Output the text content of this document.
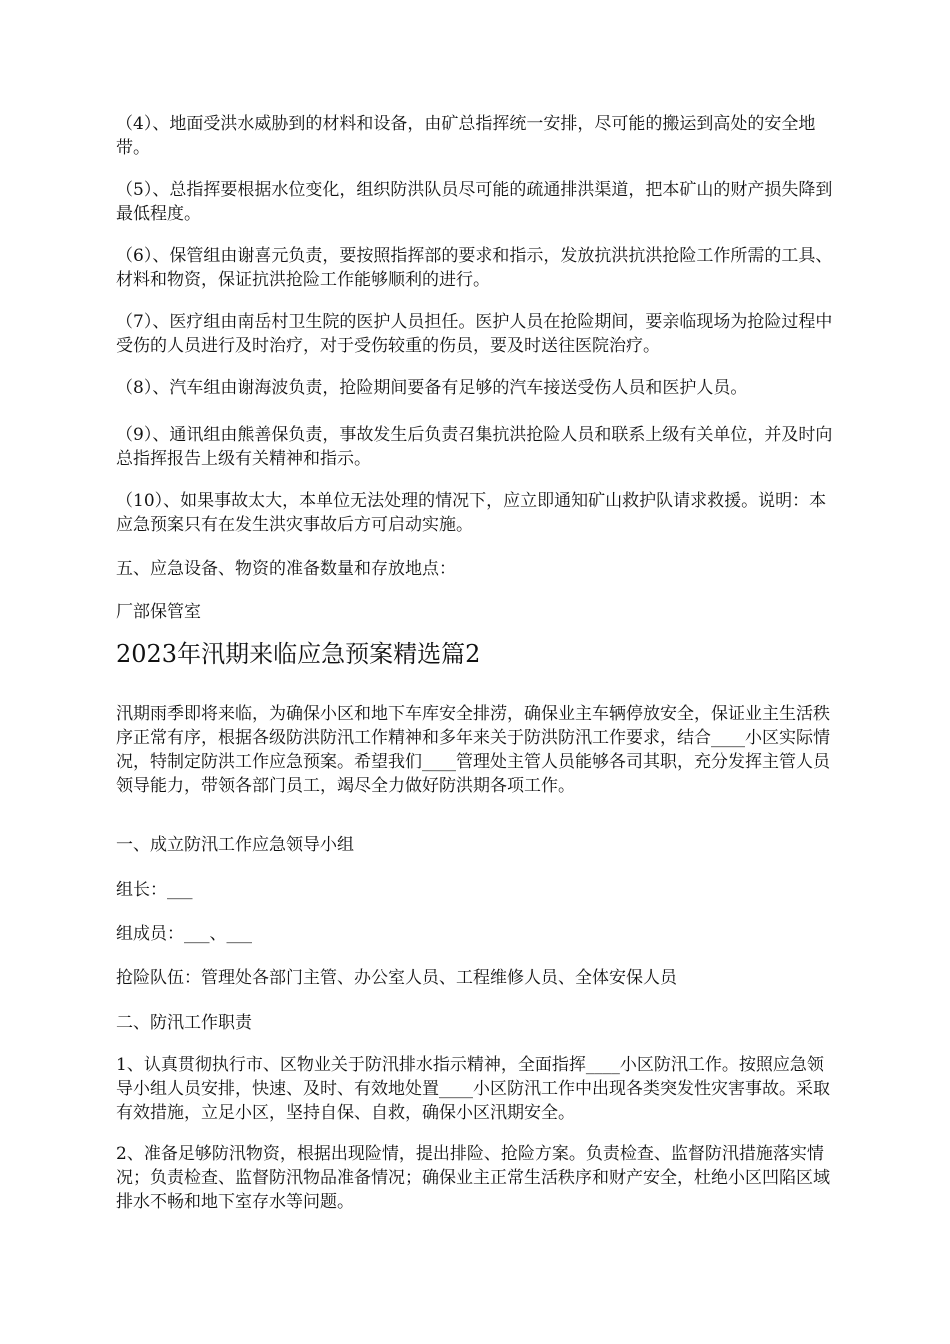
（4）、地面受洪水威胁到的材料和设备，由矿总指挥统一安排，尽可能的搬运到高处的安全地带。

（5）、总指挥要根据水位变化，组织防洪队员尽可能的疏通排洪渠道，把本矿山的财产损失降到最低程度。

（6）、保管组由谢喜元负责，要按照指挥部的要求和指示，发放抗洪抗洪抢险工作所需的工具、材料和物资，保证抗洪抢险工作能够顺利的进行。

（7）、医疗组由南岳村卫生院的医护人员担任。医护人员在抢险期间，要亲临现场为抢险过程中受伤的人员进行及时治疗，对于受伤较重的伤员，要及时送往医院治疗。

（8）、汽车组由谢海波负责，抢险期间要备有足够的汽车接送受伤人员和医护人员。

（9）、通讯组由熊善保负责，事故发生后负责召集抗洪抢险人员和联系上级有关单位，并及时向总指挥报告上级有关精神和指示。

（10）、如果事故太大，本单位无法处理的情况下，应立即通知矿山救护队请求救援。说明：本应急预案只有在发生洪灾事故后方可启动实施。

五、应急设备、物资的准备数量和存放地点：

厂部保管室

2023年汛期来临应急预案精选篇2

汛期雨季即将来临，为确保小区和地下车库安全排涝，确保业主车辆停放安全，保证业主生活秩序正常有序，根据各级防洪防汛工作精神和多年来关于防洪防汛工作要求，结合____小区实际情况，特制定防洪工作应急预案。希望我们____管理处主管人员能够各司其职，充分发挥主管人员领导能力，带领各部门员工，竭尽全力做好防洪期各项工作。

一、成立防汛工作应急领导小组

组长：___

组成员：___、___

抢险队伍：管理处各部门主管、办公室人员、工程维修人员、全体安保人员

二、防汛工作职责

1、认真贯彻执行市、区物业关于防汛排水指示精神，全面指挥____小区防汛工作。按照应急领导小组人员安排，快速、及时、有效地处置____小区防汛工作中出现各类突发性灾害事故。采取有效措施，立足小区，坚持自保、自救，确保小区汛期安全。

2、准备足够防汛物资，根据出现险情，提出排险、抢险方案。负责检查、监督防汛措施落实情况；负责检查、监督防汛物品准备情况；确保业主正常生活秩序和财产安全，杜绝小区凹陷区域排水不畅和地下室存水等问题。
